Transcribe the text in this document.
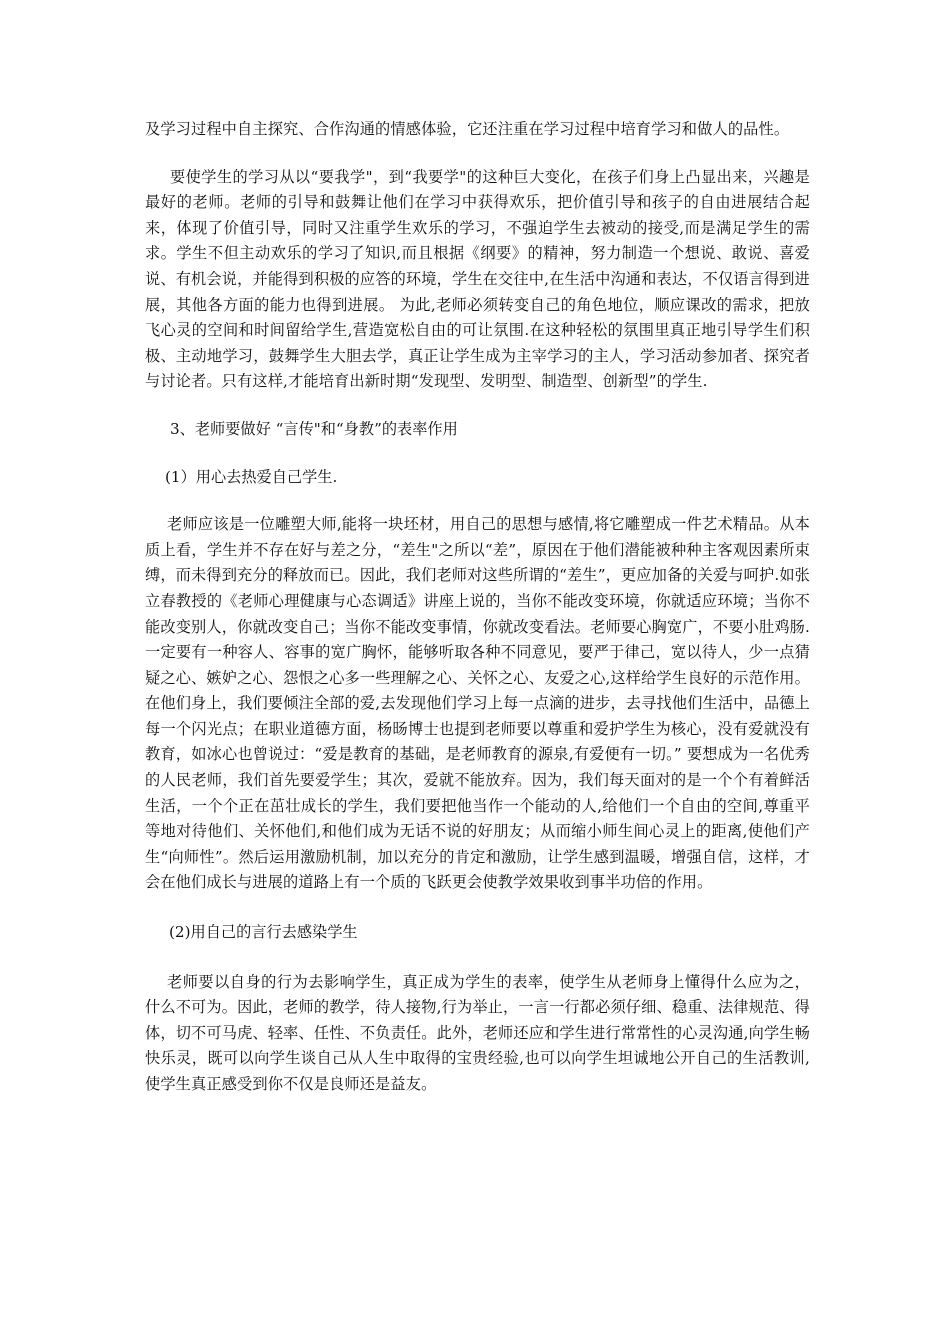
及学习过程中自主探究、合作沟通的情感体验，它还注重在学习过程中培育学习和做人的品性。

要使学生的学习从以“要我学"，到“我要学"的这种巨大变化，在孩子们身上凸显出来，兴趣是最好的老师。老师的引导和鼓舞让他们在学习中获得欢乐，把价值引导和孩子的自由进展结合起来，体现了价值引导，同时又注重学生欢乐的学习，不强迫学生去被动的接受,而是满足学生的需求。学生不但主动欢乐的学习了知识,而且根据《纲要》的精神，努力制造一个想说、敢说、喜爱说、有机会说，并能得到积极的应答的环境，学生在交往中,在生活中沟通和表达，不仅语言得到进展，其他各方面的能力也得到进展。 为此,老师必须转变自己的角色地位，顺应课改的需求，把放飞心灵的空间和时间留给学生,营造宽松自由的可让氛围.在这种轻松的氛围里真正地引导学生们积极、主动地学习，鼓舞学生大胆去学，真正让学生成为主宰学习的主人，学习活动参加者、探究者与讨论者。只有这样,才能培育出新时期“发现型、发明型、制造型、创新型”的学生.

3、老师要做好 “言传"和“身教”的表率作用

(1）用心去热爱自己学生.

老师应该是一位雕塑大师,能将一块坯材，用自己的思想与感情,将它雕塑成一件艺术精品。从本质上看，学生并不存在好与差之分，“差生"之所以“差”，原因在于他们潜能被种种主客观因素所束缚，而未得到充分的释放而已。因此，我们老师对这些所谓的“差生”，更应加备的关爱与呵护.如张立春教授的《老师心理健康与心态调适》讲座上说的，当你不能改变环境，你就适应环境；当你不能改变别人，你就改变自己；当你不能改变事情，你就改变看法。老师要心胸宽广，不要小肚鸡肠.一定要有一种容人、容事的宽广胸怀，能够听取各种不同意见，要严于律己，宽以待人，少一点猜疑之心、嫉妒之心、怨恨之心多一些理解之心、关怀之心、友爱之心,这样给学生良好的示范作用。在他们身上，我们要倾注全部的爱,去发现他们学习上每一点滴的进步，去寻找他们生活中，品德上每一个闪光点；在职业道德方面，杨旸博士也提到老师要以尊重和爱护学生为核心，没有爱就没有教育，如冰心也曾说过：“爱是教育的基础，是老师教育的源泉,有爱便有一切。” 要想成为一名优秀的人民老师，我们首先要爱学生；其次，爱就不能放弃。因为，我们每天面对的是一个个有着鲜活生活，一个个正在茁壮成长的学生，我们要把他当作一个能动的人,给他们一个自由的空间,尊重平等地对待他们、关怀他们,和他们成为无话不说的好朋友；从而缩小师生间心灵上的距离,使他们产生“向师性”。然后运用激励机制，加以充分的肯定和激励，让学生感到温暖，增强自信，这样，才会在他们成长与进展的道路上有一个质的飞跃更会使教学效果收到事半功倍的作用。

(2)用自己的言行去感染学生

老师要以自身的行为去影响学生，真正成为学生的表率，使学生从老师身上懂得什么应为之，什么不可为。因此，老师的教学，待人接物,行为举止，一言一行都必须仔细、稳重、法律规范、得体，切不可马虎、轻率、任性、不负责任。此外，老师还应和学生进行常常性的心灵沟通,向学生畅快乐灵，既可以向学生谈自己从人生中取得的宝贵经验,也可以向学生坦诚地公开自己的生活教训,使学生真正感受到你不仅是良师还是益友。
